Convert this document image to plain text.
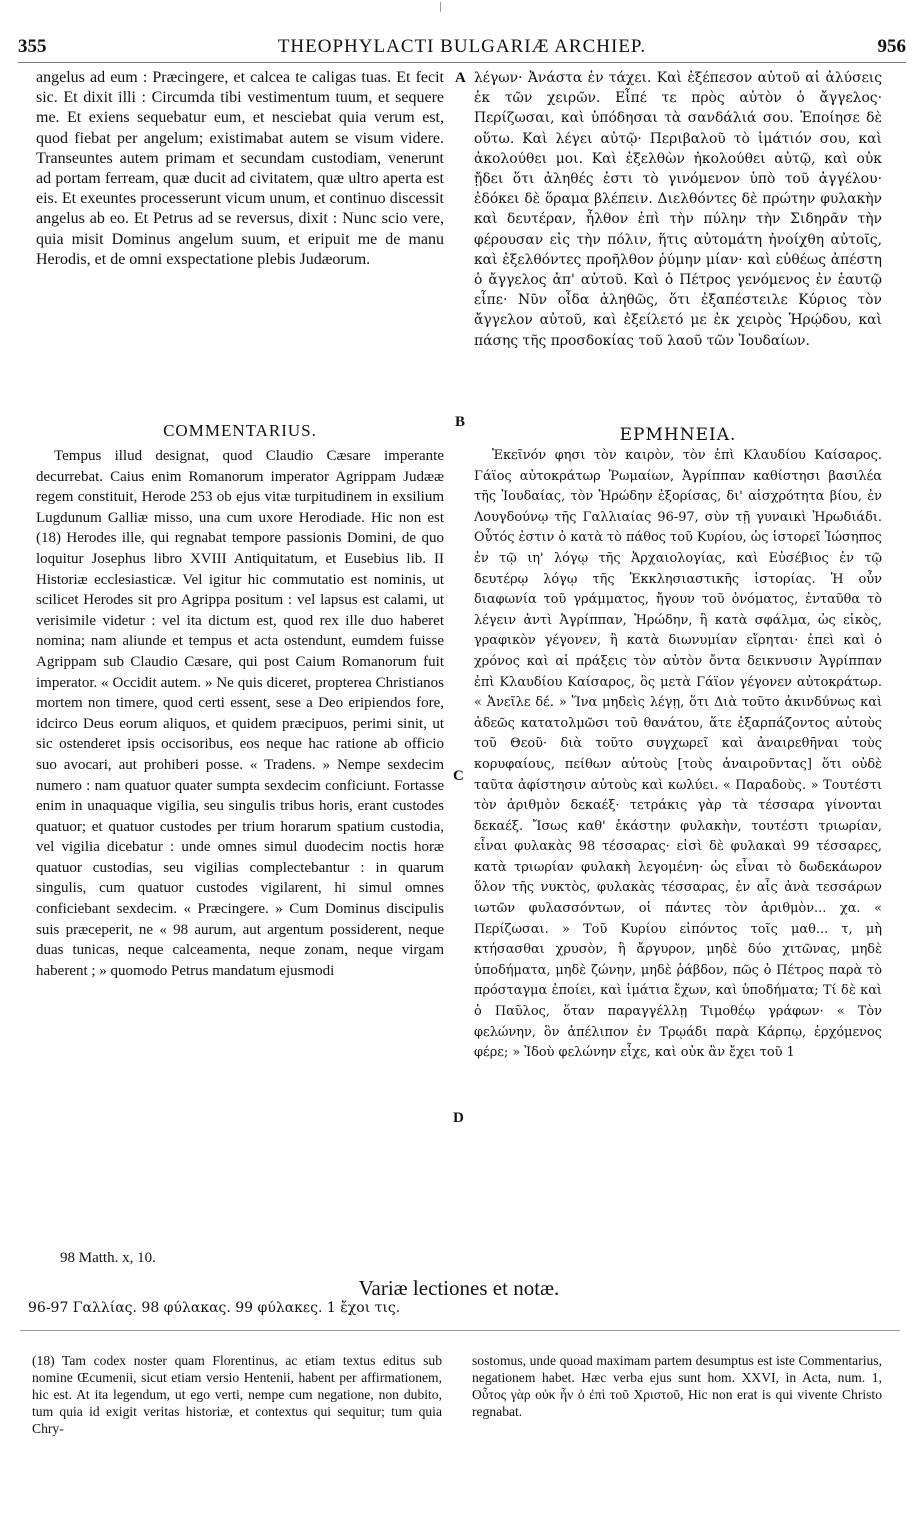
355	THEOPHYLACTI BULGARIÆ ARCHIEP.	956

angelus ad eum : Præcingere, et calcea te caligas tuas. Et fecit sic. Et dixit illi : Circumda tibi vestimentum tuum, et sequere me. Et exiens sequebatur eum, et nesciebat quia verum est, quod fiebat per angelum; existimabat autem se visum videre. Transeuntes autem primam et secundam custodiam, venerunt ad portam ferream, quæ ducit ad civitatem, quæ ultro aperta est eis. Et exeuntes processerunt vicum unum, et continuo discessit angelus ab eo. Et Petrus ad se reversus, dixit : Nunc scio vere, quia misit Dominus angelum suum, et eripuit me de manu Herodis, et de omni exspectatione plebis Judæorum.

λέγων· Ἀνάστα ἐν τάχει. Καὶ ἐξέπεσον αὐτοῦ αἱ ἀλύσεις ἐκ τῶν χειρῶν. Εἶπέ τε πρὸς αὐτὸν ὁ ἄγγελος· Περίζωσαι, καὶ ὑπόδησαι τὰ σανδάλιά σου. Ἐποίησε δὲ οὕτω. Καὶ λέγει αὐτῷ· Περιβαλοῦ τὸ ἱμάτιόν σου, καὶ ἀκολούθει μοι. Καὶ ἐξελθὼν ἠκολούθει αὐτῷ, καὶ οὐκ ᾔδει ὅτι ἀληθές ἐστι τὸ γινόμενον ὑπὸ τοῦ ἀγγέλου· ἐδόκει δὲ ὅραμα βλέπειν. Διελθόντες δὲ πρώτην φυλακὴν καὶ δευτέραν, ἦλθον ἐπὶ τὴν πύλην τὴν Σιδηρᾶν τὴν φέρουσαν εἰς τὴν πόλιν, ἥτις αὐτομάτη ἠνοίχθη αὐτοῖς, καὶ ἐξελθόντες προῆλθον ῥύμην μίαν· καὶ εὐθέως ἀπέστη ὁ ἄγγελος ἀπ' αὐτοῦ. Καὶ ὁ Πέτρος γενόμενος ἐν ἑαυτῷ εἶπε· Νῦν οἶδα ἀληθῶς, ὅτι ἐξαπέστειλε Κύριος τὸν ἄγγελον αὐτοῦ, καὶ ἐξείλετό με ἐκ χειρὸς Ἡρῴδου, καὶ πάσης τῆς προσδοκίας τοῦ λαοῦ τῶν Ἰουδαίων.

A
B
C
D
COMMENTARIUS.	ΕΡΜΗΝΕΙΑ.

Tempus illud designat, quod Claudio Cæsare imperante decurrebat. Caius enim Romanorum imperator Agrippam Judææ regem constituit, Herode 253 ob ejus vitæ turpitudinem in exsilium Lugdunum Galliæ misso, una cum uxore Herodiade. Hic non est (18) Herodes ille, qui regnabat tempore passionis Domini, de quo loquitur Josephus libro XVIII Antiquitatum, et Eusebius lib. II Historiæ ecclesiasticæ. Vel igitur hic commutatio est nominis, ut scilicet Herodes sit pro Agrippa positum : vel lapsus est calami, ut verisimile videtur : vel ita dictum est, quod rex ille duo haberet nomina; nam aliunde et tempus et acta ostendunt, eumdem fuisse Agrippam sub Claudio Cæsare, qui post Caium Romanorum fuit imperator. « Occidit autem. » Ne quis diceret, propterea Christianos mortem non timere, quod certi essent, sese a Deo eripiendos fore, idcirco Deus eorum aliquos, et quidem præcipuos, perimi sinit, ut sic ostenderet ipsis occisoribus, eos neque hac ratione ab officio suo avocari, aut prohiberi posse. « Tradens. » Nempe sexdecim numero : nam quatuor quater sumpta sexdecim conficiunt. Fortasse enim in unaquaque vigilia, seu singulis tribus horis, erant custodes quatuor; et quatuor custodes per trium horarum spatium custodia, vel vigilia dicebatur : unde omnes simul duodecim noctis horæ quatuor custodias, seu vigilias complectebantur : in quarum singulis, cum quatuor custodes vigilarent, hi simul omnes conficiebant sexdecim. « Præcingere. » Cum Dominus discipulis suis præceperit, ne « 98 aurum, aut argentum possiderent, neque duas tunicas, neque calceamenta, neque zonam, neque virgam haberent ; » quomodo Petrus mandatum ejusmodi

Ἐκεῖνόν φησι τὸν καιρὸν, τὸν ἐπὶ Κλαυδίου Καίσαρος. Γάϊος αὐτοκράτωρ Ῥωμαίων, Ἀγρίππαν καθίστησι βασιλέα τῆς Ἰουδαίας, τὸν Ἡρώδην ἐξορίσας, δι' αἰσχρότητα βίου, ἐν Λουγδούνῳ τῆς Γαλλιαίας 96-97, σὺν τῇ γυναικὶ Ἡρωδιάδι. Οὗτός ἐστιν ὁ κατὰ τὸ πάθος τοῦ Κυρίου, ὡς ἱστορεῖ Ἰώσηπος ἐν τῷ ιη' λόγῳ τῆς Ἀρχαιολογίας, καὶ Εὐσέβιος ἐν τῷ δευτέρῳ λόγῳ τῆς Ἐκκλησιαστικῆς ἱστορίας. Ἡ οὖν διαφωνία τοῦ γράμματος, ἤγουν τοῦ ὀνόματος, ἐνταῦθα τὸ λέγειν ἀντὶ Ἀγρίππαν, Ἡρώδην, ἢ κατὰ σφάλμα, ὡς εἰκὸς, γραφικὸν γέγονεν, ἢ κατὰ διωνυμίαν εἴρηται· ἐπεὶ καὶ ὁ χρόνος καὶ αἱ πράξεις τὸν αὐτὸν ὄντα δεικνυσιν Ἀγρίππαν ἐπὶ Κλαυδίου Καίσαρος, ὃς μετὰ Γάϊον γέγονεν αὐτοκράτωρ. « Ἀνεῖλε δέ. » Ἵνα μηδεὶς λέγῃ, ὅτι Διὰ τοῦτο ἀκινδύνως καὶ ἀδεῶς κατατολμῶσι τοῦ θανάτου, ἅτε ἐξαρπάζοντος αὐτοὺς τοῦ Θεοῦ· διὰ τοῦτο συγχωρεῖ καὶ ἀναιρεθῆναι τοὺς κορυφαίους, πείθων αὐτοὺς [τοὺς ἀναιροῦντας] ὅτι οὐδὲ ταῦτα ἀφίστησιν αὐτοὺς καὶ κωλύει. « Παραδοὺς. » Τουτέστι τὸν ἀριθμὸν δεκαέξ· τετράκις γὰρ τὰ τέσσαρα γίνονται δεκαέξ. Ἴσως καθ' ἑκάστην φυλακὴν, τουτέστι τριωρίαν, εἶναι φυλακὰς 98 τέσσαρας· εἰσὶ δὲ φυλακαὶ 99 τέσσαρες, κατὰ τριωρίαν φυλακὴ λεγομένη· ὡς εἶναι τὸ δωδεκάωρον ὅλον τῆς νυκτὸς, φυλακὰς τέσσαρας, ἐν αἷς ἀνὰ τεσσάρων ιωτῶν φυλασσόντων, οἱ πάντες τὸν ἀριθμὸν... χα. « Περίζωσαι. » Τοῦ Κυρίου εἰπόντος τοῖς μαθ... τ, μὴ κτήσασθαι χρυσὸν, ἢ ἄργυρον, μηδὲ δύο χιτῶνας, μηδὲ ὑποδήματα, μηδὲ ζώνην, μηδὲ ῥάβδον, πῶς ὁ Πέτρος παρὰ τὸ πρόσταγμα ἐποίει, καὶ ἱμάτια ἔχων, καὶ ὑποδήματα; Τί δὲ καὶ ὁ Παῦλος, ὅταν παραγγέλλῃ Τιμοθέῳ γράφων· « Τὸν φελώνην, ὃν ἀπέλιπον ἐν Τρῳάδι παρὰ Κάρπῳ, ἐρχόμενος φέρε; » Ἰδοὺ φελώνην εἶχε, καὶ οὐκ ἂν ἔχει τοῦ 1

98 Matth. x, 10.
Variæ lectiones et notæ.
96-97 Γαλλίας. 98 φύλακας. 99 φύλακες. 1 ἔχοι τις.

(18) Tam codex noster quam Florentinus, ac etiam textus editus sub nomine Œcumenii, sicut etiam versio Hentenii, habent per affirmationem, hic est. At ita legendum, ut ego verti, nempe cum negatione, non dubito, tum quia id exigit veritas historiæ, et contextus qui sequitur; tum quia Chry-

sostomus, unde quoad maximam partem desumptus est iste Commentarius, negationem habet. Hæc verba ejus sunt hom. XXVI, in Acta, num. 1, Οὗτος γὰρ οὐκ ἦν ὁ ἐπὶ τοῦ Χριστοῦ, Hic non erat is qui vivente Christo regnabat.
